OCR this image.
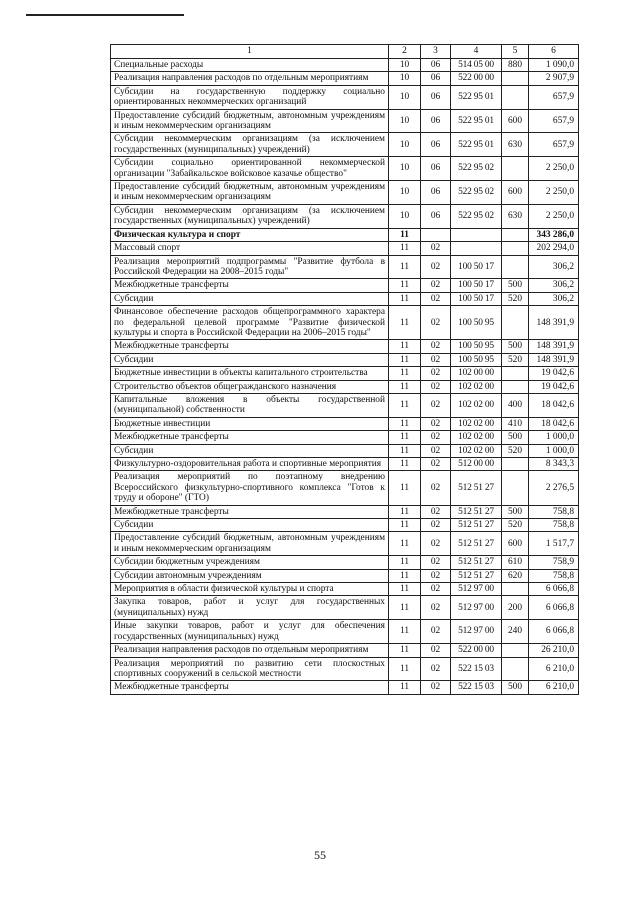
1	2	3	4	5	6
Специальные расходы	10	06	514 05 00	880	1 090,0
Реализация направления расходов по отдельным мероприятиям	10	06	522 00 00		2 907,9
Субсидии на государственную поддержку социально ориентированных некоммерческих организаций	10	06	522 95 01		657,9
Предоставление субсидий бюджетным, автономным учреждениям и иным некоммерческим организациям	10	06	522 95 01	600	657,9
Субсидии некоммерческим организациям (за исключением государственных (муниципальных) учреждений)	10	06	522 95 01	630	657,9
Субсидии социально ориентированной некоммерческой организации "Забайкальское войсковое казачье общество"	10	06	522 95 02		2 250,0
Предоставление субсидий бюджетным, автономным учреждениям и иным некоммерческим организациям	10	06	522 95 02	600	2 250,0
Субсидии некоммерческим организациям (за исключением государственных (муниципальных) учреждений)	10	06	522 95 02	630	2 250,0
Физическая культура и спорт	11				343 286,0
Массовый спорт	11	02			202 294,0
Реализация мероприятий подпрограммы "Развитие футбола в Российской Федерации на 2008–2015 годы"	11	02	100 50 17		306,2
Межбюджетные трансферты	11	02	100 50 17	500	306,2
Субсидии	11	02	100 50 17	520	306,2
Финансовое обеспечение расходов общепрограммного характера по федеральной целевой программе "Развитие физической культуры и спорта в Российской Федерации на 2006–2015 годы"	11	02	100 50 95		148 391,9
Межбюджетные трансферты	11	02	100 50 95	500	148 391,9
Субсидии	11	02	100 50 95	520	148 391,9
Бюджетные инвестиции в объекты капитального строительства	11	02	102 00 00		19 042,6
Строительство объектов общегражданского назначения	11	02	102 02 00		19 042,6
Капитальные вложения в объекты государственной (муниципальной) собственности	11	02	102 02 00	400	18 042,6
Бюджетные инвестиции	11	02	102 02 00	410	18 042,6
Межбюджетные трансферты	11	02	102 02 00	500	1 000,0
Субсидии	11	02	102 02 00	520	1 000,0
Физкультурно-оздоровительная работа и спортивные мероприятия	11	02	512 00 00		8 343,3
Реализация мероприятий по поэтапному внедрению Всероссийского физкультурно-спортивного комплекса "Готов к труду и обороне" (ГТО)	11	02	512 51 27		2 276,5
Межбюджетные трансферты	11	02	512 51 27	500	758,8
Субсидии	11	02	512 51 27	520	758,8
Предоставление субсидий бюджетным, автономным учреждениям и иным некоммерческим организациям	11	02	512 51 27	600	1 517,7
Субсидии бюджетным учреждениям	11	02	512 51 27	610	758,9
Субсидии автономным учреждениям	11	02	512 51 27	620	758,8
Мероприятия в области физической культуры и спорта	11	02	512 97 00		6 066,8
Закупка товаров, работ и услуг для государственных (муниципальных) нужд	11	02	512 97 00	200	6 066,8
Иные закупки товаров, работ и услуг для обеспечения государственных (муниципальных) нужд	11	02	512 97 00	240	6 066,8
Реализация направления расходов по отдельным мероприятиям	11	02	522 00 00		26 210,0
Реализация мероприятий по развитию сети плоскостных спортивных сооружений в сельской местности	11	02	522 15 03		6 210,0
Межбюджетные трансферты	11	02	522 15 03	500	6 210,0
55
